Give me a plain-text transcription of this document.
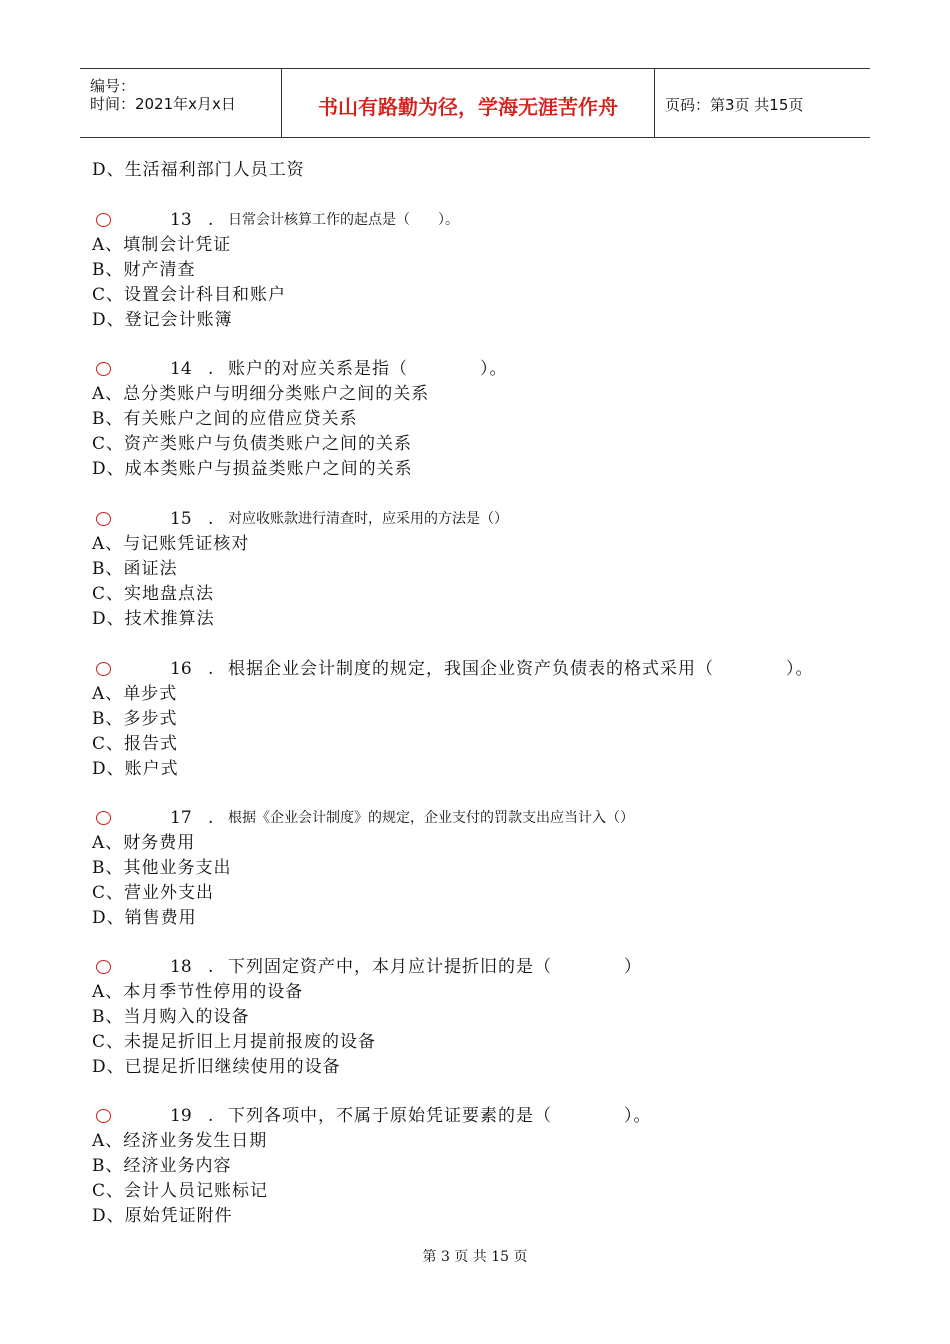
编号：
时间：2021年x月x日	书山有路勤为径，学海无涯苦作舟	页码：第3页 共15页
D、生活福利部门人员工资
13 . 日常会计核算工作的起点是（　　）。
A、填制会计凭证
B、财产清查
C、设置会计科目和账户
D、登记会计账簿
14 . 账户的对应关系是指（　　　　）。
A、总分类账户与明细分类账户之间的关系
B、有关账户之间的应借应贷关系
C、资产类账户与负债类账户之间的关系
D、成本类账户与损益类账户之间的关系
15 . 对应收账款进行清查时，应采用的方法是（）
A、与记账凭证核对
B、函证法
C、实地盘点法
D、技术推算法
16 . 根据企业会计制度的规定，我国企业资产负债表的格式采用（　　　　）。
A、单步式
B、多步式
C、报告式
D、账户式
17 . 根据《企业会计制度》的规定，企业支付的罚款支出应当计入（）
A、财务费用
B、其他业务支出
C、营业外支出
D、销售费用
18 . 下列固定资产中，本月应计提折旧的是（　　　　）
A、本月季节性停用的设备
B、当月购入的设备
C、未提足折旧上月提前报废的设备
D、已提足折旧继续使用的设备
19 . 下列各项中，不属于原始凭证要素的是（　　　　）。
A、经济业务发生日期
B、经济业务内容
C、会计人员记账标记
D、原始凭证附件
第 3 页 共 15 页
